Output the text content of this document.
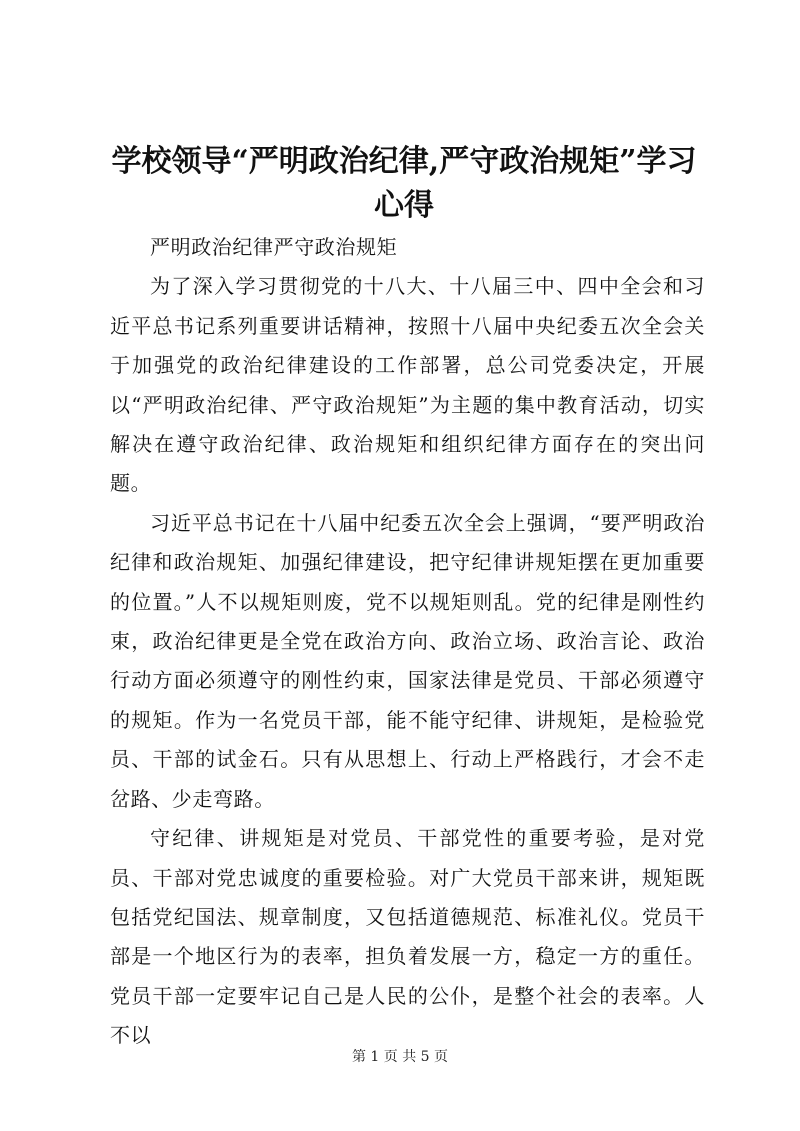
学校领导“严明政治纪律,严守政治规矩”学习心得

严明政治纪律严守政治规矩

为了深入学习贯彻党的十八大、十八届三中、四中全会和习近平总书记系列重要讲话精神，按照十八届中央纪委五次全会关于加强党的政治纪律建设的工作部署，总公司党委决定，开展以“严明政治纪律、严守政治规矩”为主题的集中教育活动，切实解决在遵守政治纪律、政治规矩和组织纪律方面存在的突出问题。

习近平总书记在十八届中纪委五次全会上强调，“要严明政治纪律和政治规矩、加强纪律建设，把守纪律讲规矩摆在更加重要的位置。”人不以规矩则废，党不以规矩则乱。党的纪律是刚性约束，政治纪律更是全党在政治方向、政治立场、政治言论、政治行动方面必须遵守的刚性约束，国家法律是党员、干部必须遵守的规矩。作为一名党员干部，能不能守纪律、讲规矩，是检验党员、干部的试金石。只有从思想上、行动上严格践行，才会不走岔路、少走弯路。

守纪律、讲规矩是对党员、干部党性的重要考验，是对党员、干部对党忠诚度的重要检验。对广大党员干部来讲，规矩既包括党纪国法、规章制度，又包括道德规范、标准礼仪。党员干部是一个地区行为的表率，担负着发展一方，稳定一方的重任。党员干部一定要牢记自己是人民的公仆，是整个社会的表率。人不以

第 1 页 共 5 页
